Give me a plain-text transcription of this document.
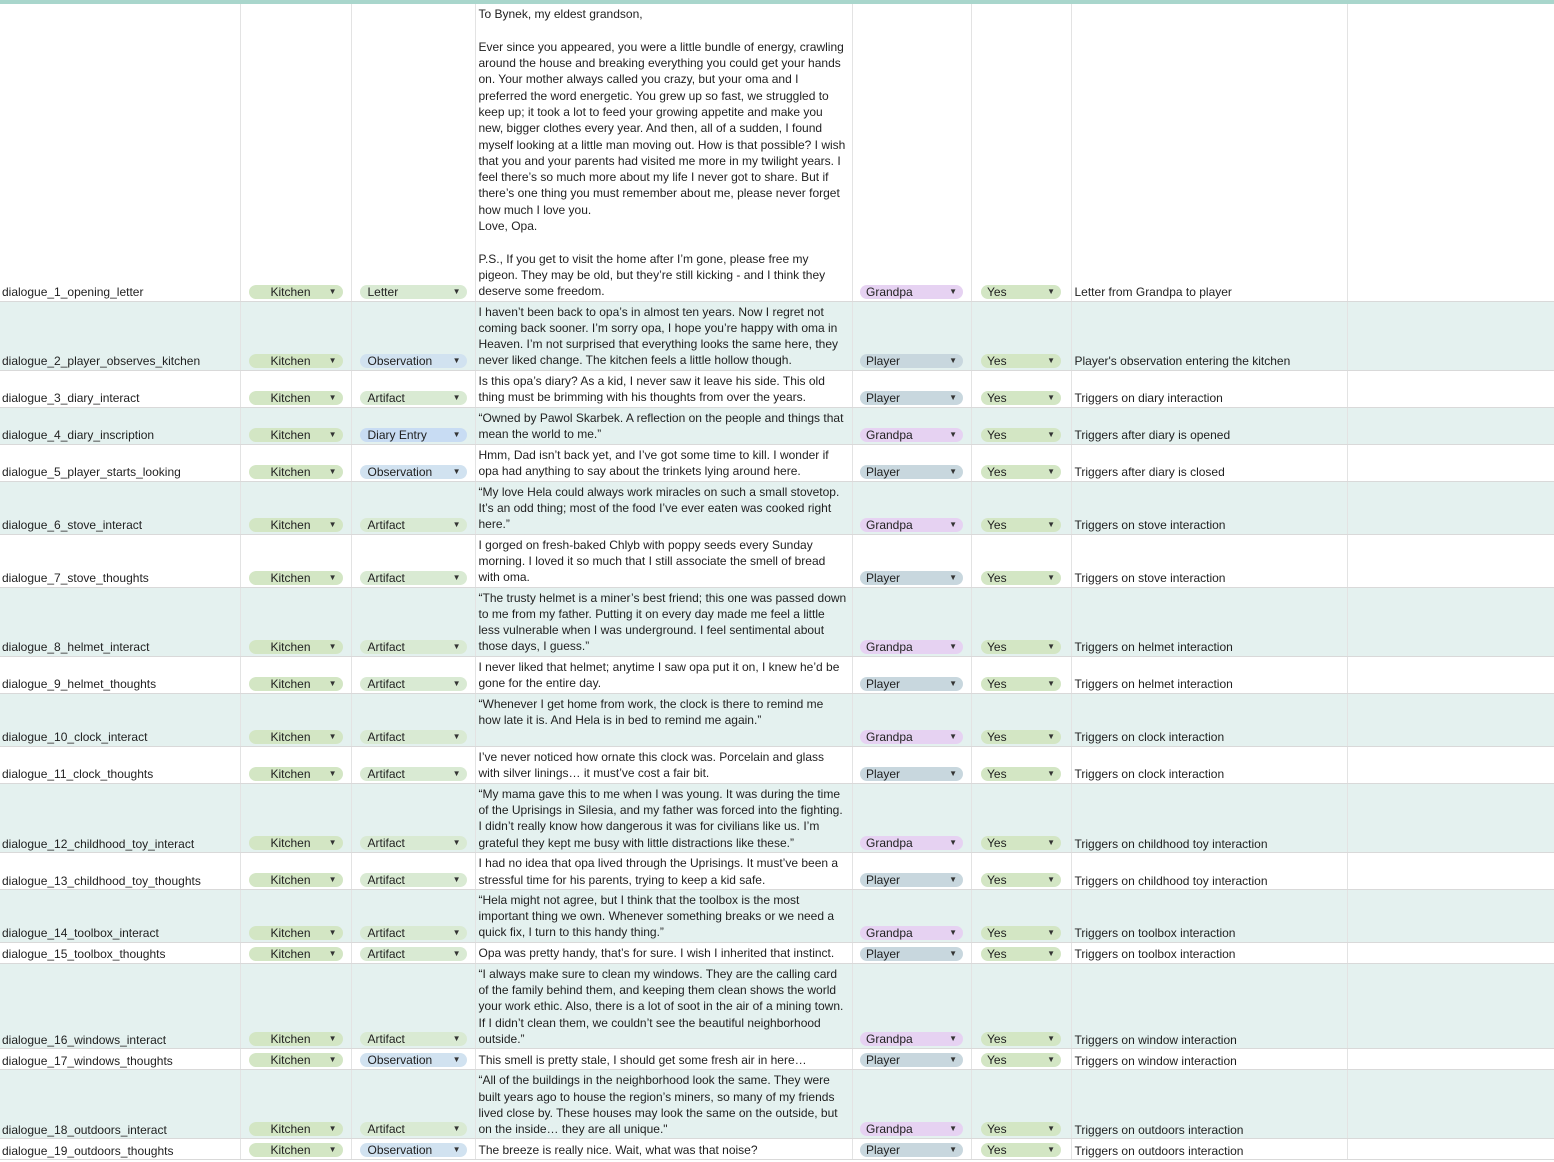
dialogue_1_opening_letter	Kitchen ▼	Letter ▼	To Bynek, my eldest grandson,

Ever since you appeared, you were a little bundle of energy, crawling around the house and breaking everything you could get your hands on. Your mother always called you crazy, but your oma and I preferred the word energetic. You grew up so fast, we struggled to keep up; it took a lot to feed your growing appetite and make you new, bigger clothes every year. And then, all of a sudden, I found myself looking at a little man moving out. How is that possible? I wish that you and your parents had visited me more in my twilight years. I feel there’s so much more about my life I never got to share. But if there’s one thing you must remember about me, please never forget how much I love you.
Love, Opa.

P.S., If you get to visit the home after I’m gone, please free my pigeon. They may be old, but they’re still kicking - and I think they deserve some freedom.	Grandpa ▼	Yes ▼	Letter from Grandpa to player	
dialogue_2_player_observes_kitchen	Kitchen ▼	Observation ▼	I haven’t been back to opa’s in almost ten years. Now I regret not coming back sooner. I’m sorry opa, I hope you’re happy with oma in Heaven. I’m not surprised that everything looks the same here, they never liked change. The kitchen feels a little hollow though.	Player ▼	Yes ▼	Player's observation entering the kitchen	
dialogue_3_diary_interact	Kitchen ▼	Artifact ▼	Is this opa’s diary? As a kid, I never saw it leave his side. This old thing must be brimming with his thoughts from over the years.	Player ▼	Yes ▼	Triggers on diary interaction	
dialogue_4_diary_inscription	Kitchen ▼	Diary Entry ▼	“Owned by Pawol Skarbek. A reflection on the people and things that mean the world to me.”	Grandpa ▼	Yes ▼	Triggers after diary is opened	
dialogue_5_player_starts_looking	Kitchen ▼	Observation ▼	Hmm, Dad isn’t back yet, and I’ve got some time to kill. I wonder if opa had anything to say about the trinkets lying around here.	Player ▼	Yes ▼	Triggers after diary is closed	
dialogue_6_stove_interact	Kitchen ▼	Artifact ▼	“My love Hela could always work miracles on such a small stovetop. It’s an odd thing; most of the food I’ve ever eaten was cooked right here.”	Grandpa ▼	Yes ▼	Triggers on stove interaction	
dialogue_7_stove_thoughts	Kitchen ▼	Artifact ▼	I gorged on fresh-baked Chlyb with poppy seeds every Sunday morning. I loved it so much that I still associate the smell of bread with oma.	Player ▼	Yes ▼	Triggers on stove interaction	
dialogue_8_helmet_interact	Kitchen ▼	Artifact ▼	“The trusty helmet is a miner’s best friend; this one was passed down to me from my father. Putting it on every day made me feel a little less vulnerable when I was underground. I feel sentimental about those days, I guess.”	Grandpa ▼	Yes ▼	Triggers on helmet interaction	
dialogue_9_helmet_thoughts	Kitchen ▼	Artifact ▼	I never liked that helmet; anytime I saw opa put it on, I knew he’d be gone for the entire day.	Player ▼	Yes ▼	Triggers on helmet interaction	
dialogue_10_clock_interact	Kitchen ▼	Artifact ▼	“Whenever I get home from work, the clock is there to remind me how late it is. And Hela is in bed to remind me again.”	Grandpa ▼	Yes ▼	Triggers on clock interaction	
dialogue_11_clock_thoughts	Kitchen ▼	Artifact ▼	I’ve never noticed how ornate this clock was. Porcelain and glass with silver linings… it must’ve cost a fair bit.	Player ▼	Yes ▼	Triggers on clock interaction	
dialogue_12_childhood_toy_interact	Kitchen ▼	Artifact ▼	“My mama gave this to me when I was young. It was during the time of the Uprisings in Silesia, and my father was forced into the fighting. I didn’t really know how dangerous it was for civilians like us. I’m grateful they kept me busy with little distractions like these.”	Grandpa ▼	Yes ▼	Triggers on childhood toy interaction	
dialogue_13_childhood_toy_thoughts	Kitchen ▼	Artifact ▼	I had no idea that opa lived through the Uprisings. It must’ve been a stressful time for his parents, trying to keep a kid safe.	Player ▼	Yes ▼	Triggers on childhood toy interaction	
dialogue_14_toolbox_interact	Kitchen ▼	Artifact ▼	“Hela might not agree, but I think that the toolbox is the most important thing we own. Whenever something breaks or we need a quick fix, I turn to this handy thing.”	Grandpa ▼	Yes ▼	Triggers on toolbox interaction	
dialogue_15_toolbox_thoughts	Kitchen ▼	Artifact ▼	Opa was pretty handy, that’s for sure. I wish I inherited that instinct.	Player ▼	Yes ▼	Triggers on toolbox interaction	
dialogue_16_windows_interact	Kitchen ▼	Artifact ▼	“I always make sure to clean my windows. They are the calling card of the family behind them, and keeping them clean shows the world your work ethic. Also, there is a lot of soot in the air of a mining town. If I didn’t clean them, we couldn’t see the beautiful neighborhood outside.”	Grandpa ▼	Yes ▼	Triggers on window interaction	
dialogue_17_windows_thoughts	Kitchen ▼	Observation ▼	This smell is pretty stale, I should get some fresh air in here…	Player ▼	Yes ▼	Triggers on window interaction	
dialogue_18_outdoors_interact	Kitchen ▼	Artifact ▼	“All of the buildings in the neighborhood look the same. They were built years ago to house the region’s miners, so many of my friends lived close by. These houses may look the same on the outside, but on the inside… they are all unique."	Grandpa ▼	Yes ▼	Triggers on outdoors interaction	
dialogue_19_outdoors_thoughts	Kitchen ▼	Observation ▼	The breeze is really nice. Wait, what was that noise?	Player ▼	Yes ▼	Triggers on outdoors interaction	
